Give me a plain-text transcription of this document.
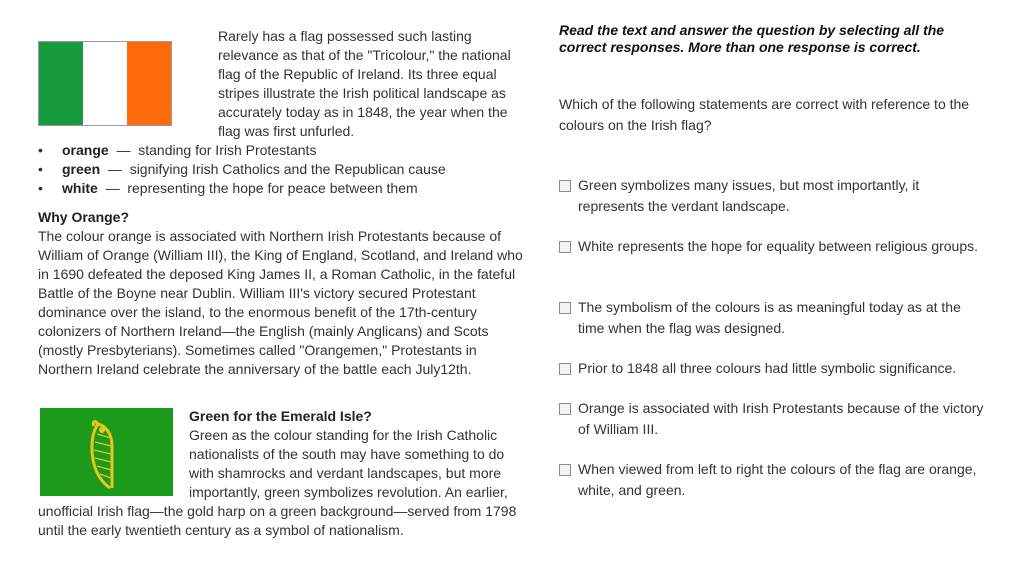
Rarely has a flag possessed such lasting relevance as that of the "Tricolour," the national flag of the Republic of Ireland. Its three equal stripes illustrate the Irish political landscape as accurately today as in 1848, the year when the flag was first unfurled.
• orange — standing for Irish Protestants
• green — signifying Irish Catholics and the Republican cause
• white — representing the hope for peace between them
Why Orange?
The colour orange is associated with Northern Irish Protestants because of William of Orange (William III), the King of England, Scotland, and Ireland who in 1690 defeated the deposed King James II, a Roman Catholic, in the fateful Battle of the Boyne near Dublin. William III's victory secured Protestant dominance over the island, to the enormous benefit of the 17th-century colonizers of Northern Ireland—the English (mainly Anglicans) and Scots (mostly Presbyterians). Sometimes called "Orangemen," Protestants in Northern Ireland celebrate the anniversary of the battle each July12th.
Green for the Emerald Isle?
Green as the colour standing for the Irish Catholic nationalists of the south may have something to do with shamrocks and verdant landscapes, but more importantly, green symbolizes revolution. An earlier,
unofficial Irish flag—the gold harp on a green background—served from 1798 until the early twentieth century as a symbol of nationalism.
Read the text and answer the question by selecting all the correct responses. More than one response is correct.
Which of the following statements are correct with reference to the colours on the Irish flag?
Green symbolizes many issues, but most importantly, it represents the verdant landscape.
White represents the hope for equality between religious groups.
The symbolism of the colours is as meaningful today as at the time when the flag was designed.
Prior to 1848 all three colours had little symbolic significance.
Orange is associated with Irish Protestants because of the victory of William III.
When viewed from left to right the colours of the flag are orange, white, and green.
